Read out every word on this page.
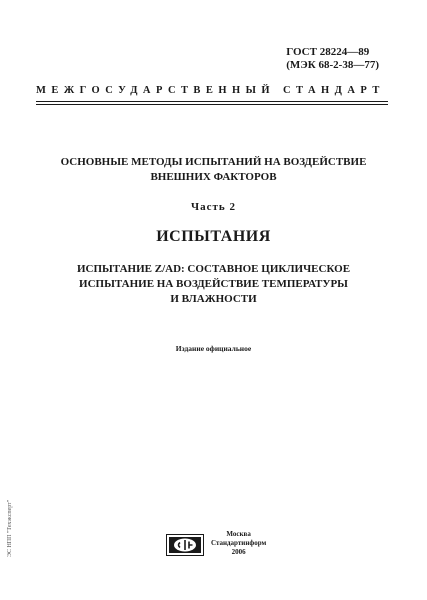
ГОСТ 28224—89
(МЭК 68-2-38—77)
МЕЖГОСУДАРСТВЕННЫЙ СТАНДАРТ
ОСНОВНЫЕ МЕТОДЫ ИСПЫТАНИЙ НА ВОЗДЕЙСТВИЕ
ВНЕШНИХ ФАКТОРОВ
Часть 2
ИСПЫТАНИЯ
ИСПЫТАНИЕ Z/AD: СОСТАВНОЕ ЦИКЛИЧЕСКОЕ
ИСПЫТАНИЕ НА ВОЗДЕЙСТВИЕ ТЕМПЕРАТУРЫ
И ВЛАЖНОСТИ
Издание официальное
Москва
Стандартинформ
2006
ЭС НПП "Техэксперт"
